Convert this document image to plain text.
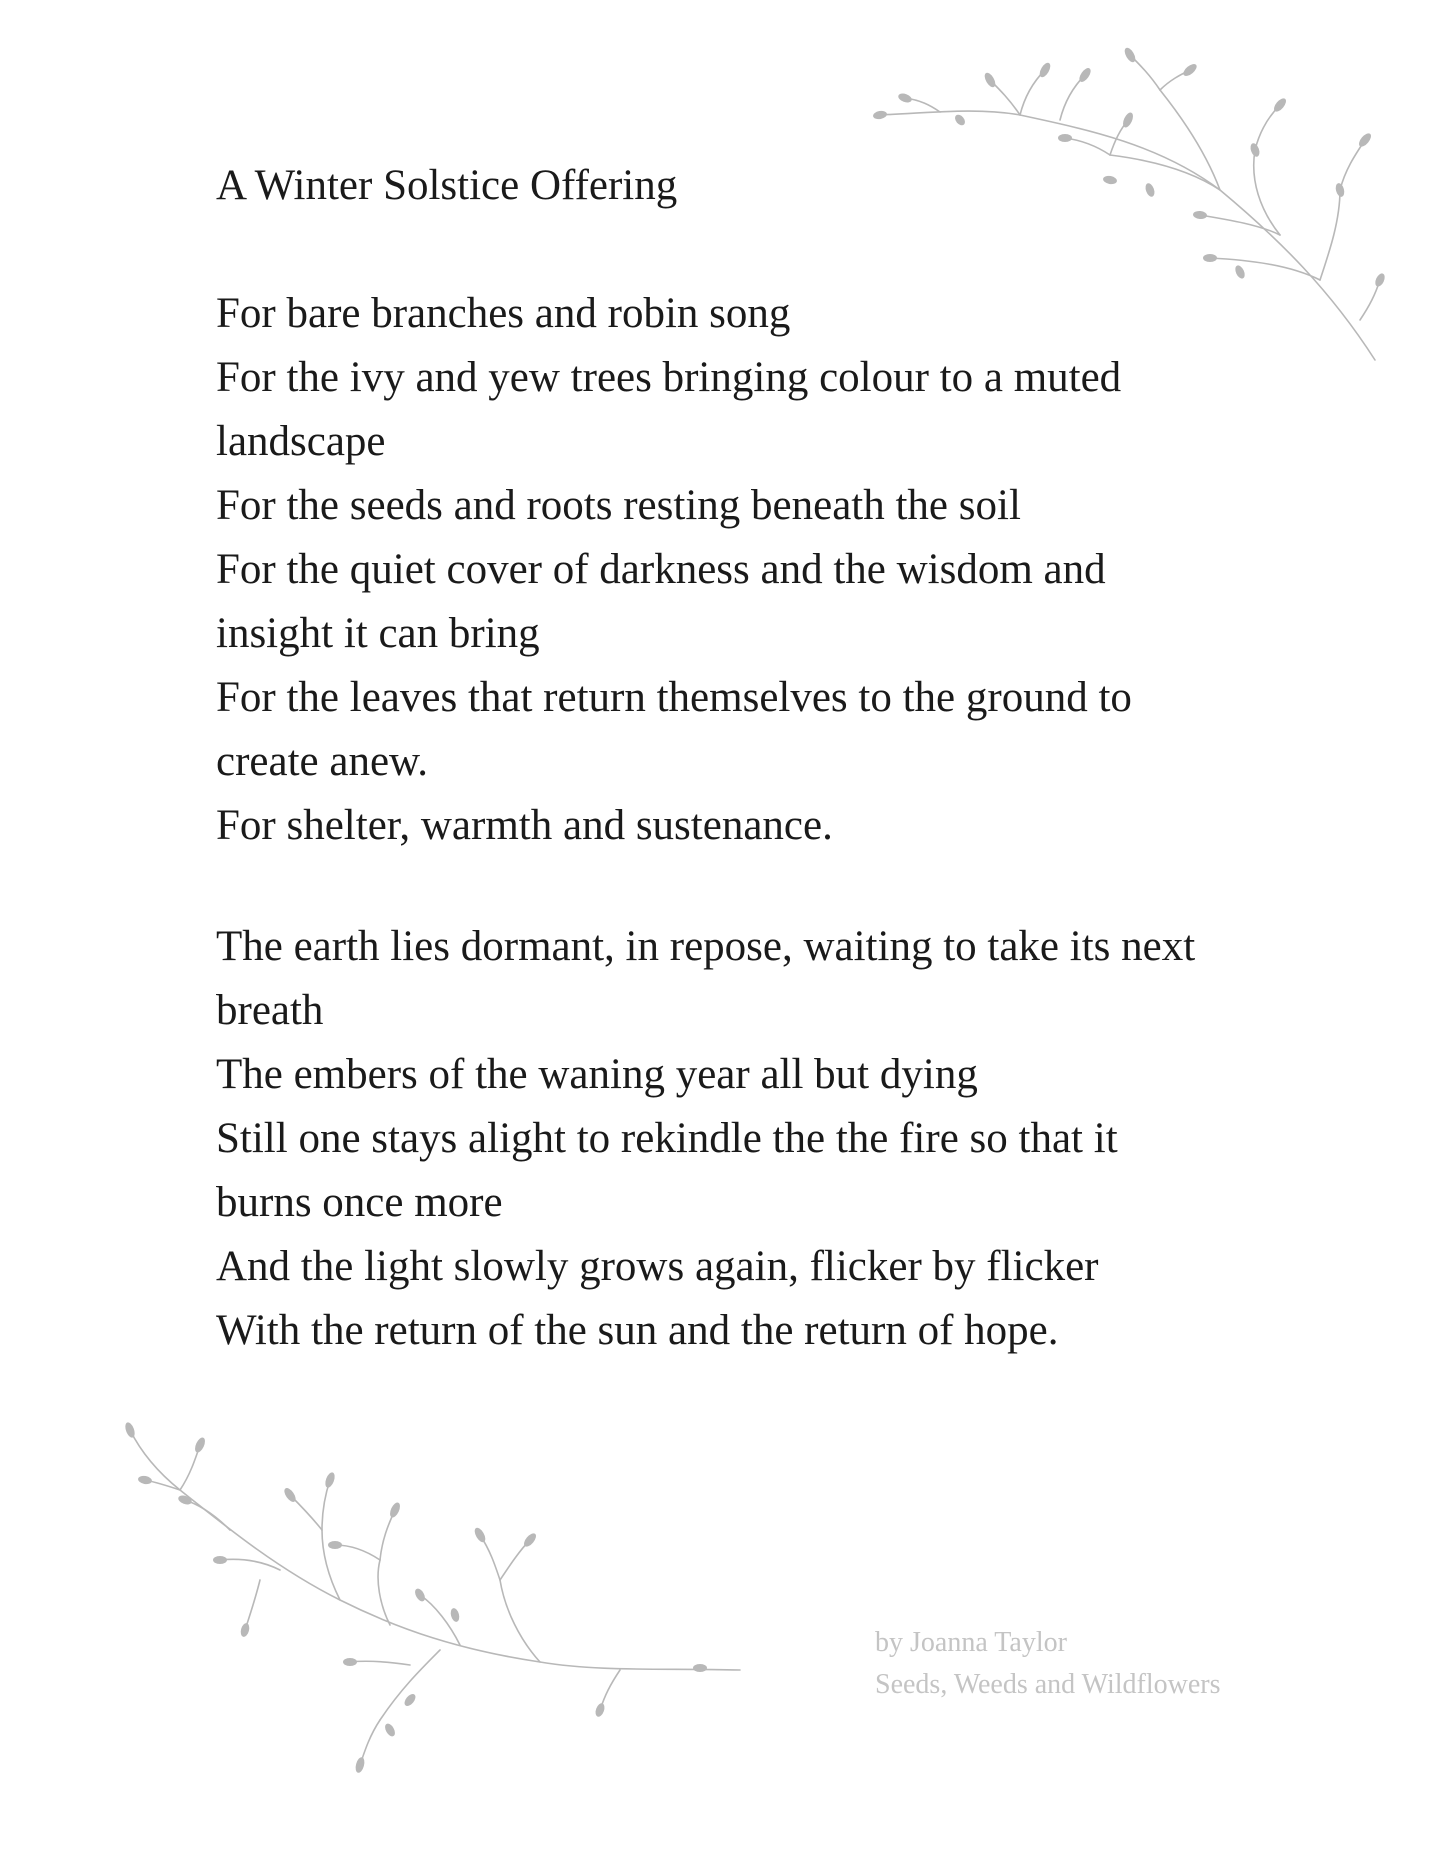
A Winter Solstice Offering
For bare branches and robin song
For the ivy and yew trees bringing colour to a muted
landscape
For the seeds and roots resting beneath the soil
For the quiet cover of darkness and the wisdom and
insight it can bring
For the leaves that return themselves to the ground to
create anew.
For shelter, warmth and sustenance.
The earth lies dormant, in repose, waiting to take its next
breath
The embers of the waning year all but dying
Still one stays alight to rekindle the the fire so that it
burns once more
And the light slowly grows again, flicker by flicker
With the return of the sun and the return of hope.
by Joanna Taylor
Seeds, Weeds and Wildflowers
